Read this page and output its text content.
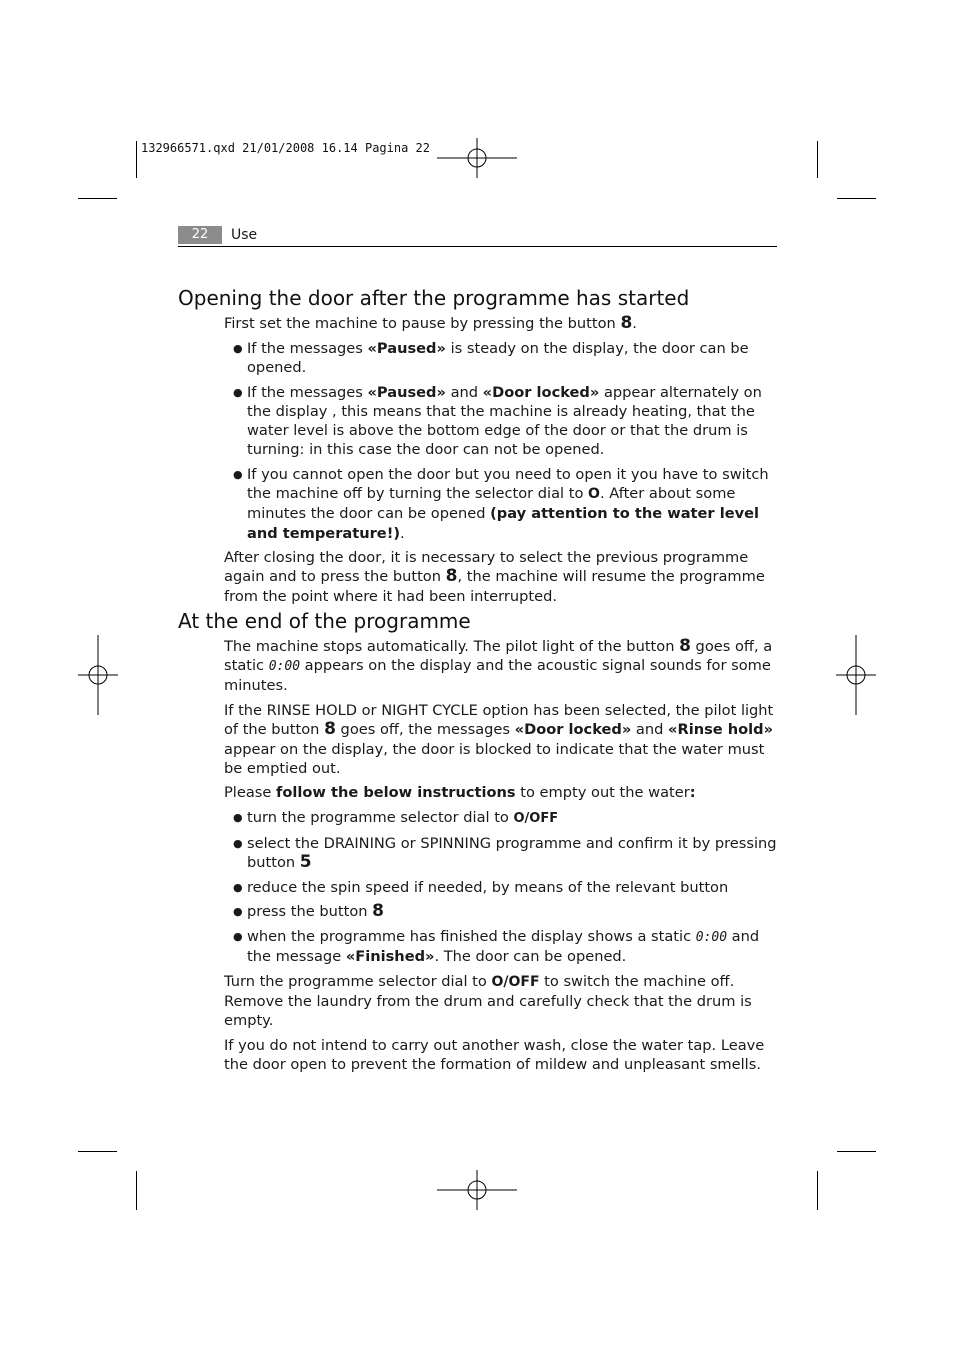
132966571.qxd 21/01/2008 16.14 Pagina 22
22	Use
Opening the door after the programme has started

First set the machine to pause by pressing the button 8.

● If the messages «Paused» is steady on the display, the door can be opened.
● If the messages «Paused» and «Door locked» appear alternately on the display , this means that the machine is already heating, that the water level is above the bottom edge of the door or that the drum is turning: in this case the door can not be opened.
● If you cannot open the door but you need to open it you have to switch the machine off by turning the selector dial to O. After about some minutes the door can be opened (pay attention to the water level and temperature!).

After closing the door, it is necessary to select the previous programme again and to press the button 8, the machine will resume the programme from the point where it had been interrupted.

At the end of the programme

The machine stops automatically. The pilot light of the button 8 goes off, a static 0:00 appears on the display and the acoustic signal sounds for some minutes.

If the RINSE HOLD or NIGHT CYCLE option has been selected, the pilot light of the button 8 goes off, the messages «Door locked» and «Rinse hold» appear on the display, the door is blocked to indicate that the water must be emptied out.

Please follow the below instructions to empty out the water:

● turn the programme selector dial to O/OFF
● select the DRAINING or SPINNING programme and confirm it by pressing button 5
● reduce the spin speed if needed, by means of the relevant button
● press the button 8
● when the programme has finished the display shows a static 0:00 and the message «Finished». The door can be opened.

Turn the programme selector dial to O/OFF to switch the machine off. Remove the laundry from the drum and carefully check that the drum is empty.

If you do not intend to carry out another wash, close the water tap. Leave the door open to prevent the formation of mildew and unpleasant smells.
